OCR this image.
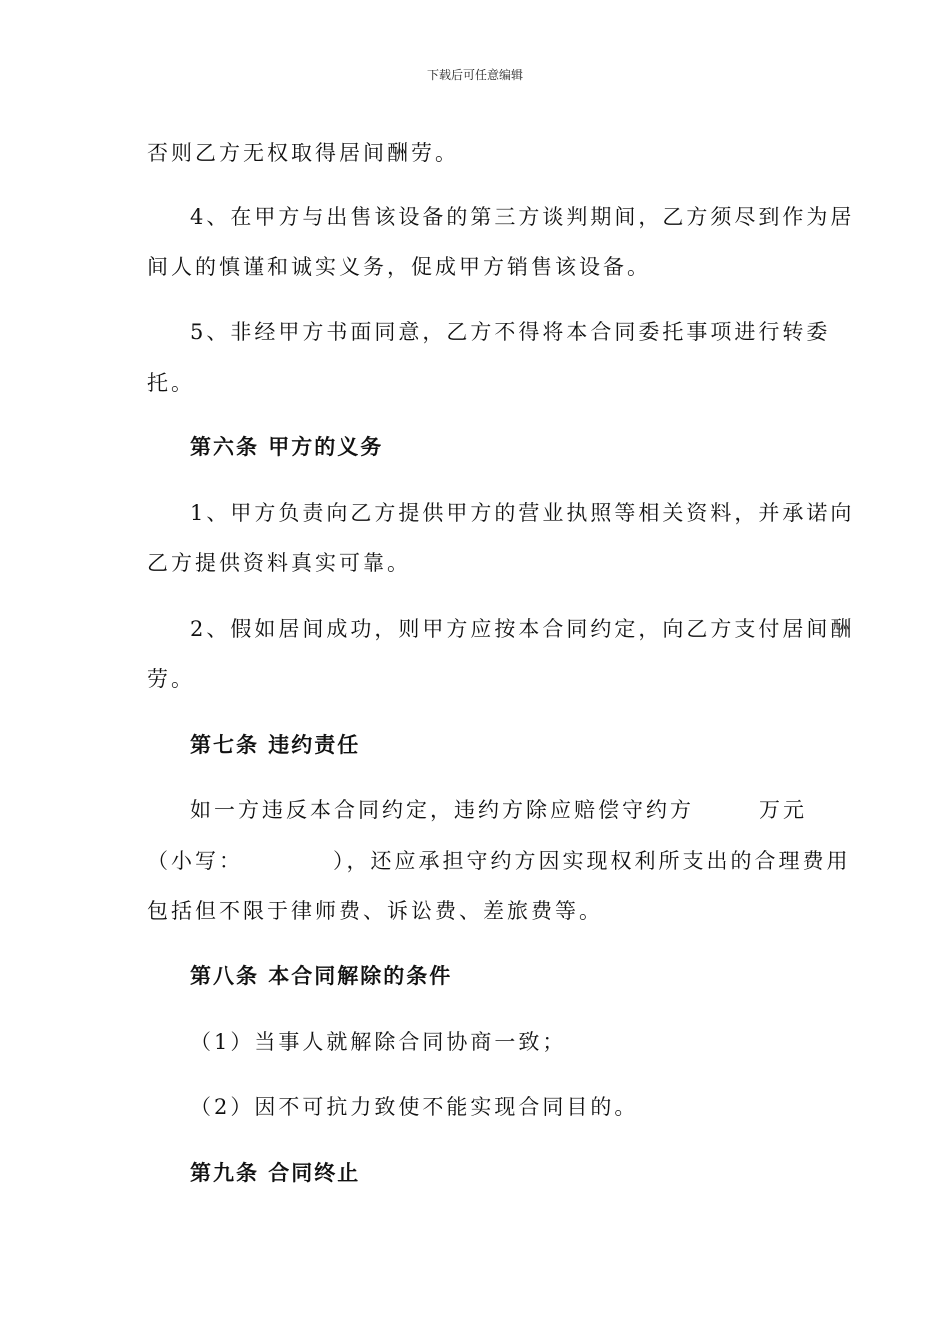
下载后可任意编辑

否则乙方无权取得居间酬劳。

4、在甲方与出售该设备的第三方谈判期间，乙方须尽到作为居

间人的慎谨和诚实义务，促成甲方销售该设备。

5、非经甲方书面同意，乙方不得将本合同委托事项进行转委

托。

第六条 甲方的义务

1、甲方负责向乙方提供甲方的营业执照等相关资料，并承诺向

乙方提供资料真实可靠。

2、假如居间成功，则甲方应按本合同约定，向乙方支付居间酬

劳。

第七条 违约责任

如一方违反本合同约定，违约方除应赔偿守约方	万元

（小写：	），还应承担守约方因实现权利所支出的合理费用

包括但不限于律师费、诉讼费、差旅费等。

第八条 本合同解除的条件

（1）当事人就解除合同协商一致；

（2）因不可抗力致使不能实现合同目的。

第九条 合同终止
